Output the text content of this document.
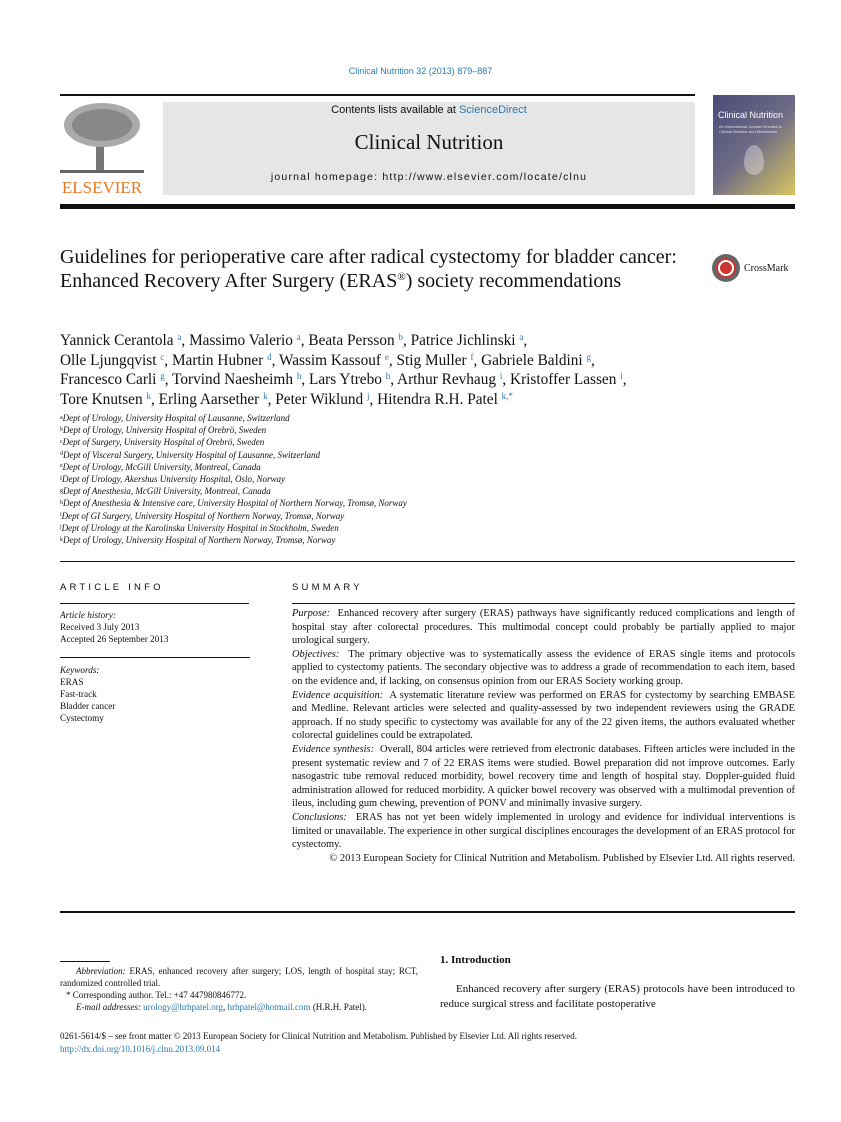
Clinical Nutrition 32 (2013) 879–887
ELSEVIER
Contents lists available at ScienceDirect
Clinical Nutrition
journal homepage: http://www.elsevier.com/locate/clnu
Clinical Nutrition
An International Journal Devoted to Clinical Nutrition and Metabolism
Guidelines for perioperative care after radical cystectomy for bladder cancer: Enhanced Recovery After Surgery (ERAS®) society recommendations
CrossMark
Yannick Cerantola $^a$, Massimo Valerio $^a$, Beata Persson $^b$, Patrice Jichlinski $^a$,
Olle Ljungqvist $^c$, Martin Hubner $^d$, Wassim Kassouf $^e$, Stig Muller $^f$, Gabriele Baldini $^g$,
Francesco Carli $^g$, Torvind Naesheimh $^h$, Lars Ytrebo $^h$, Arthur Revhaug $^i$, Kristoffer Lassen $^i$,
Tore Knutsen $^k$, Erling Aarsether $^k$, Peter Wiklund $^j$, Hitendra R.H. Patel $^{k,*}$
$^a$Dept of Urology, University Hospital of Lausanne, Switzerland
$^b$Dept of Urology, University Hospital of Orebrö, Sweden
$^c$Dept of Surgery, University Hospital of Orebrö, Sweden
$^d$Dept of Visceral Surgery, University Hospital of Lausanne, Switzerland
$^e$Dept of Urology, McGill University, Montreal, Canada
$^f$Dept of Urology, Akershus University Hospital, Oslo, Norway
$^g$Dept of Anesthesia, McGill University, Montreal, Canada
$^h$Dept of Anesthesia & Intensive care, University Hospital of Northern Norway, Tromsø, Norway
$^i$Dept of GI Surgery, University Hospital of Northern Norway, Tromsø, Norway
$^j$Dept of Urology at the Karolinska University Hospital in Stockholm, Sweden
$^k$Dept of Urology, University Hospital of Northern Norway, Tromsø, Norway
ARTICLE INFO	SUMMARY
Article history:
Received 3 July 2013
Accepted 26 September 2013
Keywords:
ERAS
Fast-track
Bladder cancer
Cystectomy

Purpose: Enhanced recovery after surgery (ERAS) pathways have significantly reduced complications and length of hospital stay after colorectal procedures. This multimodal concept could probably be partially applied to major urological surgery.

Objectives: The primary objective was to systematically assess the evidence of ERAS single items and protocols applied to cystectomy patients. The secondary objective was to address a grade of recommendation to each item, based on the evidence and, if lacking, on consensus opinion from our ERAS Society working group.

Evidence acquisition: A systematic literature review was performed on ERAS for cystectomy by searching EMBASE and Medline. Relevant articles were selected and quality-assessed by two independent reviewers using the GRADE approach. If no study specific to cystectomy was available for any of the 22 given items, the authors evaluated whether colorectal guidelines could be extrapolated.

Evidence synthesis: Overall, 804 articles were retrieved from electronic databases. Fifteen articles were included in the present systematic review and 7 of 22 ERAS items were studied. Bowel preparation did not improve outcomes. Early nasogastric tube removal reduced morbidity, bowel recovery time and length of hospital stay. Doppler-guided fluid administration allowed for reduced morbidity. A quicker bowel recovery was observed with a multimodal prevention of ileus, including gum chewing, prevention of PONV and minimally invasive surgery.

Conclusions: ERAS has not yet been widely implemented in urology and evidence for individual interventions is limited or unavailable. The experience in other surgical disciplines encourages the development of an ERAS protocol for cystectomy.

© 2013 European Society for Clinical Nutrition and Metabolism. Published by Elsevier Ltd. All rights reserved.

Abbreviation: ERAS, enhanced recovery after surgery; LOS, length of hospital stay; RCT, randomized controlled trial.
* Corresponding author. Tel.: +47 447980846772.
E-mail addresses: urology@hrhpatel.org, hrhpatel@hotmail.com (H.R.H. Patel).
1. Introduction
Enhanced recovery after surgery (ERAS) protocols have been introduced to reduce surgical stress and facilitate postoperative
0261-5614/$ – see front matter © 2013 European Society for Clinical Nutrition and Metabolism. Published by Elsevier Ltd. All rights reserved.
http://dx.doi.org/10.1016/j.clnu.2013.09.014
